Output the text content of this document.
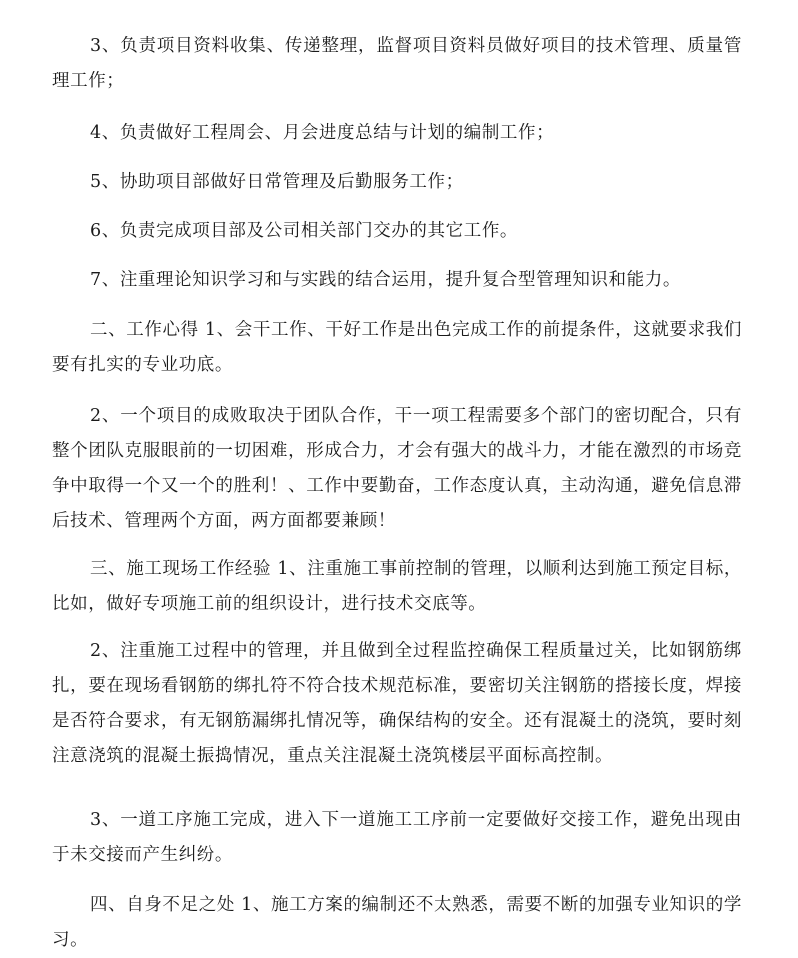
3、负责项目资料收集、传递整理，监督项目资料员做好项目的技术管理、质量管理工作；

4、负责做好工程周会、月会进度总结与计划的编制工作；

5、协助项目部做好日常管理及后勤服务工作；

6、负责完成项目部及公司相关部门交办的其它工作。

7、注重理论知识学习和与实践的结合运用，提升复合型管理知识和能力。

二、工作心得 1、会干工作、干好工作是出色完成工作的前提条件，这就要求我们要有扎实的专业功底。

2、一个项目的成败取决于团队合作，干一项工程需要多个部门的密切配合，只有整个团队克服眼前的一切困难，形成合力，才会有强大的战斗力，才能在激烈的市场竞争中取得一个又一个的胜利！、工作中要勤奋，工作态度认真，主动沟通，避免信息滞后技术、管理两个方面，两方面都要兼顾！

三、施工现场工作经验 1、注重施工事前控制的管理，以顺利达到施工预定目标，比如，做好专项施工前的组织设计，进行技术交底等。

2、注重施工过程中的管理，并且做到全过程监控确保工程质量过关，比如钢筋绑扎，要在现场看钢筋的绑扎符不符合技术规范标准，要密切关注钢筋的搭接长度，焊接是否符合要求，有无钢筋漏绑扎情况等，确保结构的安全。还有混凝土的浇筑，要时刻注意浇筑的混凝土振捣情况，重点关注混凝土浇筑楼层平面标高控制。

3、一道工序施工完成，进入下一道施工工序前一定要做好交接工作，避免出现由于未交接而产生纠纷。

四、自身不足之处 1、施工方案的编制还不太熟悉，需要不断的加强专业知识的学习。
